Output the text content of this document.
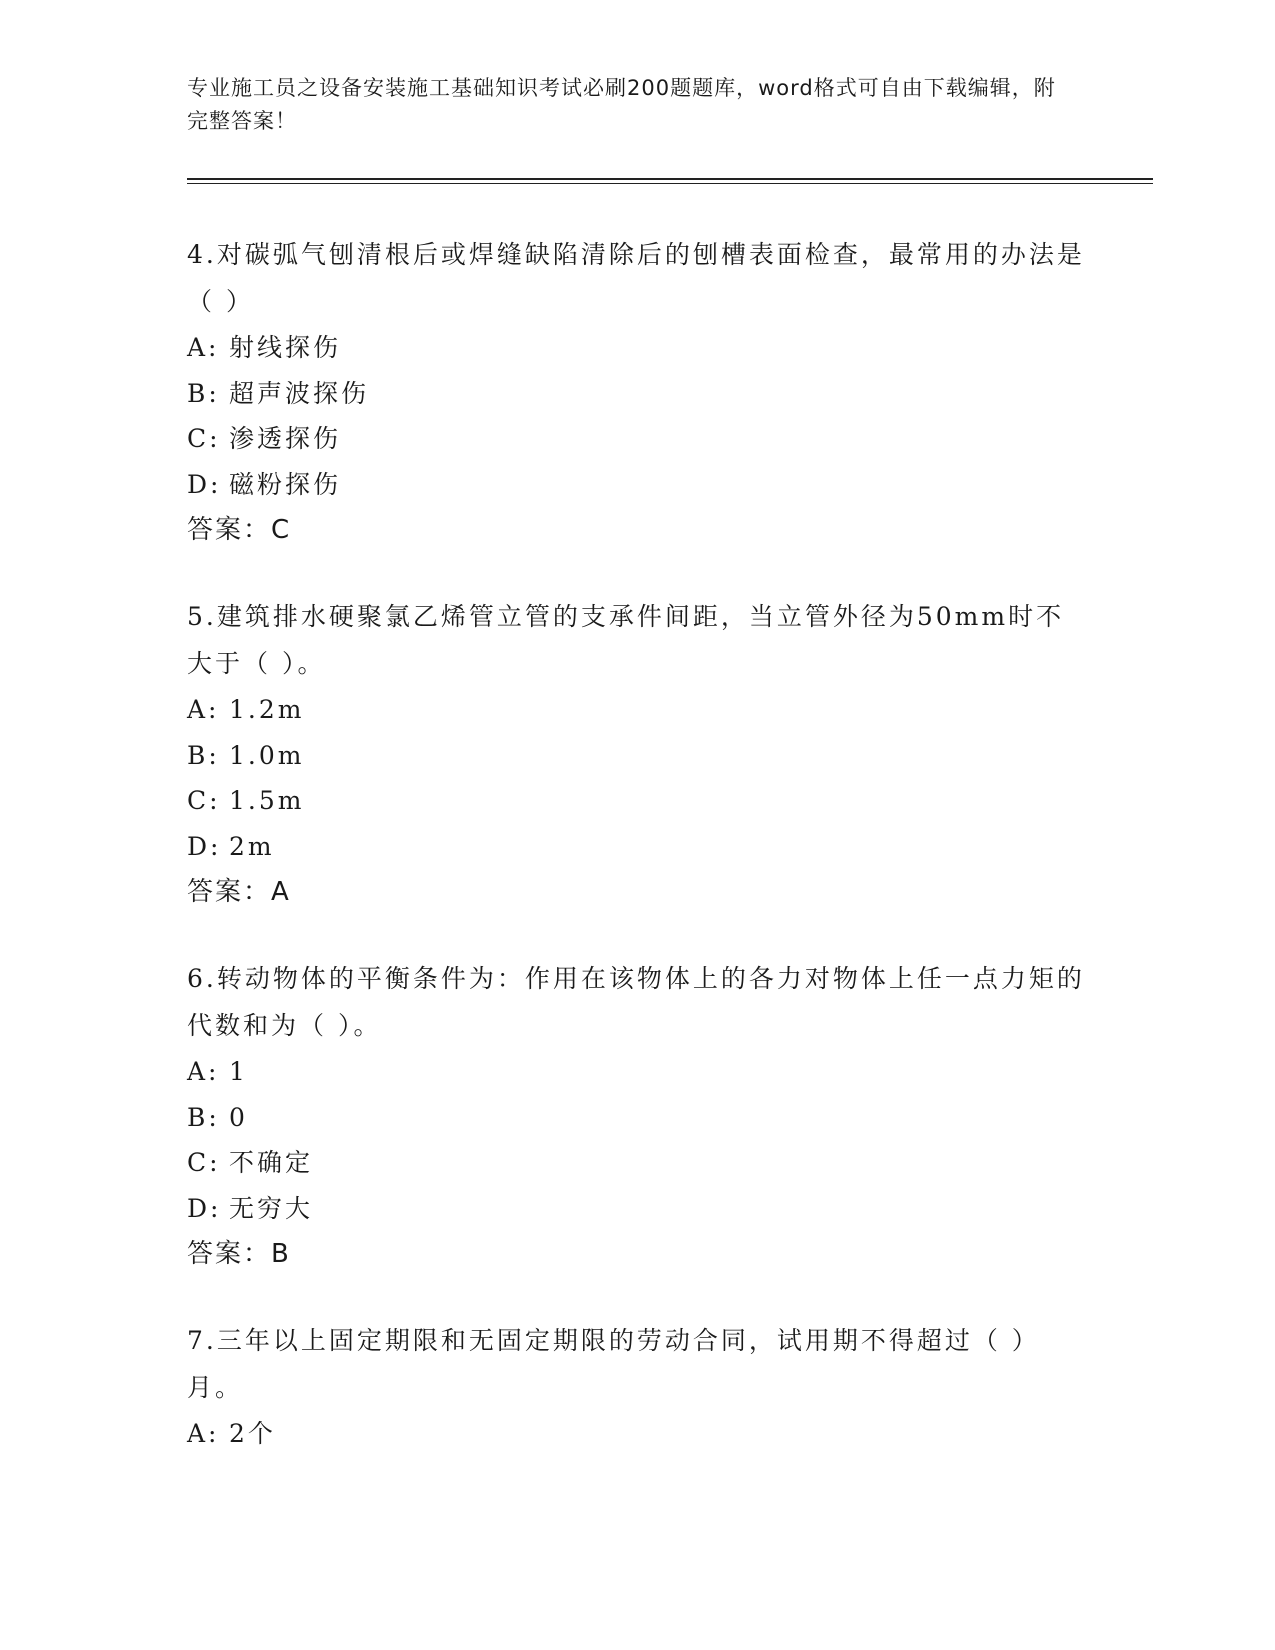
专业施工员之设备安装施工基础知识考试必刷200题题库，word格式可自由下载编辑，附完整答案！

4.对碳弧气刨清根后或焊缝缺陷清除后的刨槽表面检查，最常用的办法是（ ）

A: 射线探伤

B: 超声波探伤

C: 渗透探伤

D: 磁粉探伤

答案：C

5.建筑排水硬聚氯乙烯管立管的支承件间距，当立管外径为50mm时不大于（ ）。

A: 1.2m

B: 1.0m

C: 1.5m

D: 2m

答案：A

6.转动物体的平衡条件为：作用在该物体上的各力对物体上任一点力矩的代数和为（ ）。

A: 1

B: 0

C: 不确定

D: 无穷大

答案：B

7.三年以上固定期限和无固定期限的劳动合同，试用期不得超过（ ）月。

A: 2个
